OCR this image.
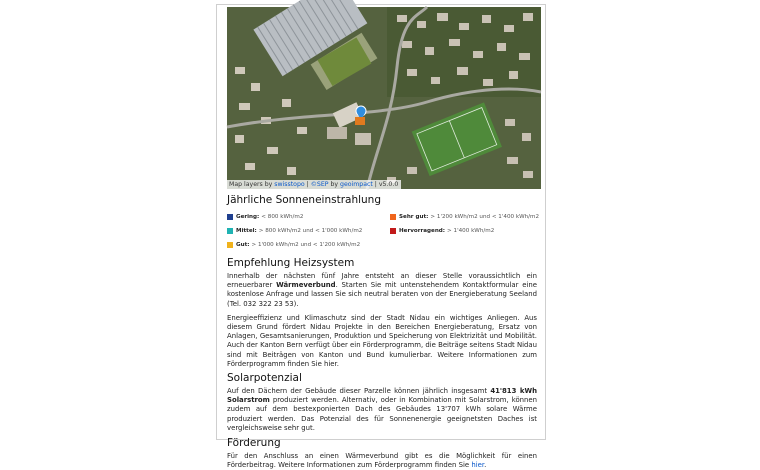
Map layers by swisstopo | ©SEP by geoimpact | v5.0.0
Jährliche Sonneneinstrahlung
Gering: < 800 kWh/m2
Mittel: > 800 kWh/m2 und < 1'000 kWh/m2
Gut: > 1'000 kWh/m2 und < 1'200 kWh/m2
Sehr gut: > 1'200 kWh/m2 und < 1'400 kWh/m2
Hervorragend: > 1'400 kWh/m2
Empfehlung Heizsystem

Innerhalb der nächsten fünf Jahre entsteht an dieser Stelle voraussichtlich ein erneuerbarer Wärmeverbund. Starten Sie mit untenstehendem Kontaktformular eine kostenlose Anfrage und lassen Sie sich neutral beraten von der Energieberatung Seeland (Tel. 032 322 23 53).

Energieeffizienz und Klimaschutz sind der Stadt Nidau ein wichtiges Anliegen. Aus diesem Grund fördert Nidau Projekte in den Bereichen Energieberatung, Ersatz von Anlagen, Gesamtsanierungen, Produktion und Speicherung von Elektrizität und Mobilität. Auch der Kanton Bern verfügt über ein Förderprogramm, die Beiträge seitens Stadt Nidau sind mit Beiträgen von Kanton und Bund kumulierbar. Weitere Informationen zum Förderprogramm finden Sie hier.

Solarpotenzial

Auf den Dächern der Gebäude dieser Parzelle können jährlich insgesamt 41'813 kWh Solarstrom produziert werden. Alternativ, oder in Kombination mit Solarstrom, können zudem auf dem bestexponierten Dach des Gebäudes 13'707 kWh solare Wärme produziert werden. Das Potenzial des für Sonnenenergie geeignetsten Daches ist vergleichsweise sehr gut.

Förderung

Für den Anschluss an einen Wärmeverbund gibt es die Möglichkeit für einen Förderbeitrag. Weitere Informationen zum Förderprogramm finden Sie hier.
